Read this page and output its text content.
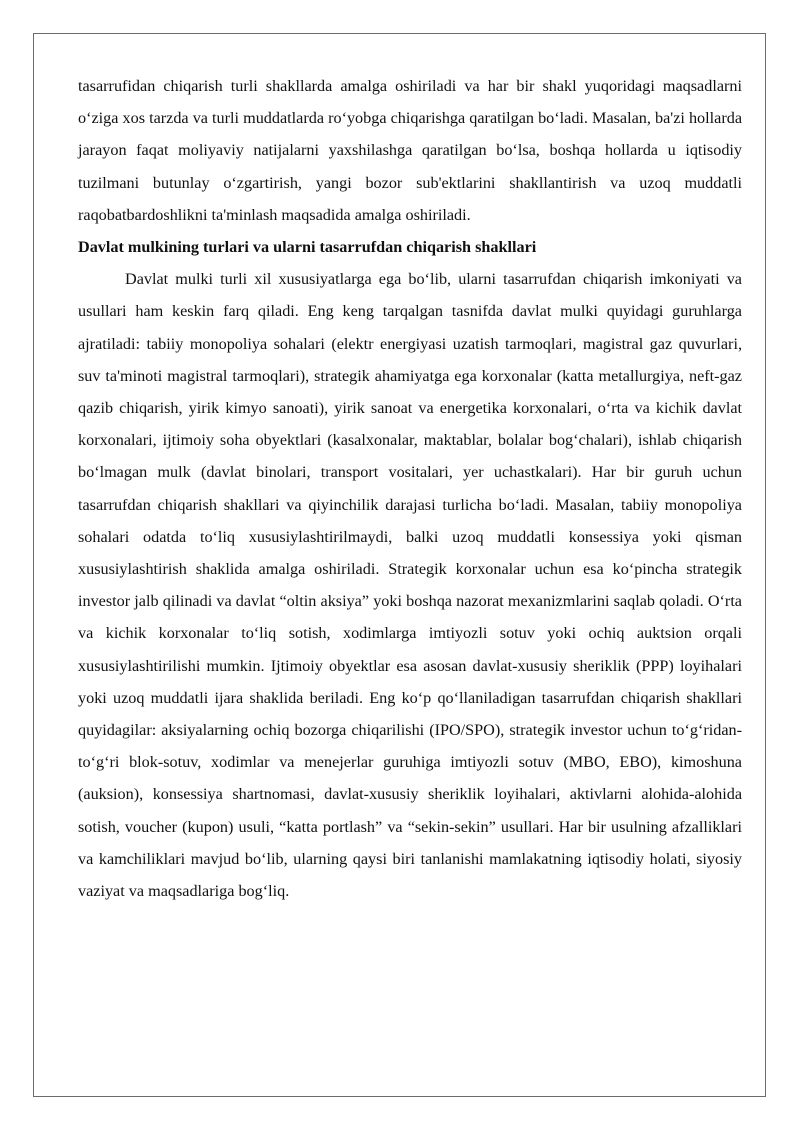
tasarrufidan chiqarish turli shakllarda amalga oshiriladi va har bir shakl yuqoridagi maqsadlarni oʻziga xos tarzda va turli muddatlarda roʻyobga chiqarishga qaratilgan boʻladi. Masalan, ba'zi hollarda jarayon faqat moliyaviy natijalarni yaxshilashga qaratilgan boʻlsa, boshqa hollarda u iqtisodiy tuzilmani butunlay oʻzgartirish, yangi bozor sub'ektlarini shakllantirish va uzoq muddatli raqobatbardoshlikni ta'minlash maqsadida amalga oshiriladi.

Davlat mulkining turlari va ularni tasarrufdan chiqarish shakllari

Davlat mulki turli xil xususiyatlarga ega boʻlib, ularni tasarrufdan chiqarish imkoniyati va usullari ham keskin farq qiladi. Eng keng tarqalgan tasnifda davlat mulki quyidagi guruhlarga ajratiladi: tabiiy monopoliya sohalari (elektr energiyasi uzatish tarmoqlari, magistral gaz quvurlari, suv ta'minoti magistral tarmoqlari), strategik ahamiyatga ega korxonalar (katta metallurgiya, neft-gaz qazib chiqarish, yirik kimyo sanoati), yirik sanoat va energetika korxonalari, oʻrta va kichik davlat korxonalari, ijtimoiy soha obyektlari (kasalxonalar, maktablar, bolalar bogʻchalari), ishlab chiqarish boʻlmagan mulk (davlat binolari, transport vositalari, yer uchastkalari). Har bir guruh uchun tasarrufdan chiqarish shakllari va qiyinchilik darajasi turlicha boʻladi. Masalan, tabiiy monopoliya sohalari odatda toʻliq xususiylashtirilmaydi, balki uzoq muddatli konsessiya yoki qisman xususiylashtirish shaklida amalga oshiriladi. Strategik korxonalar uchun esa koʻpincha strategik investor jalb qilinadi va davlat “oltin aksiya” yoki boshqa nazorat mexanizmlarini saqlab qoladi. Oʻrta va kichik korxonalar toʻliq sotish, xodimlarga imtiyozli sotuv yoki ochiq auktsion orqali xususiylashtirilishi mumkin. Ijtimoiy obyektlar esa asosan davlat-xususiy sheriklik (PPP) loyihalari yoki uzoq muddatli ijara shaklida beriladi. Eng koʻp qoʻllaniladigan tasarrufdan chiqarish shakllari quyidagilar: aksiyalarning ochiq bozorga chiqarilishi (IPO/SPO), strategik investor uchun toʻgʻridan-toʻgʻri blok-sotuv, xodimlar va menejerlar guruhiga imtiyozli sotuv (MBO, EBO), kimoshuna (auksion), konsessiya shartnomasi, davlat-xususiy sheriklik loyihalari, aktivlarni alohida-alohida sotish, voucher (kupon) usuli, “katta portlash” va “sekin-sekin” usullari. Har bir usulning afzalliklari va kamchiliklari mavjud boʻlib, ularning qaysi biri tanlanishi mamlakatning iqtisodiy holati, siyosiy vaziyat va maqsadlariga bogʻliq.
